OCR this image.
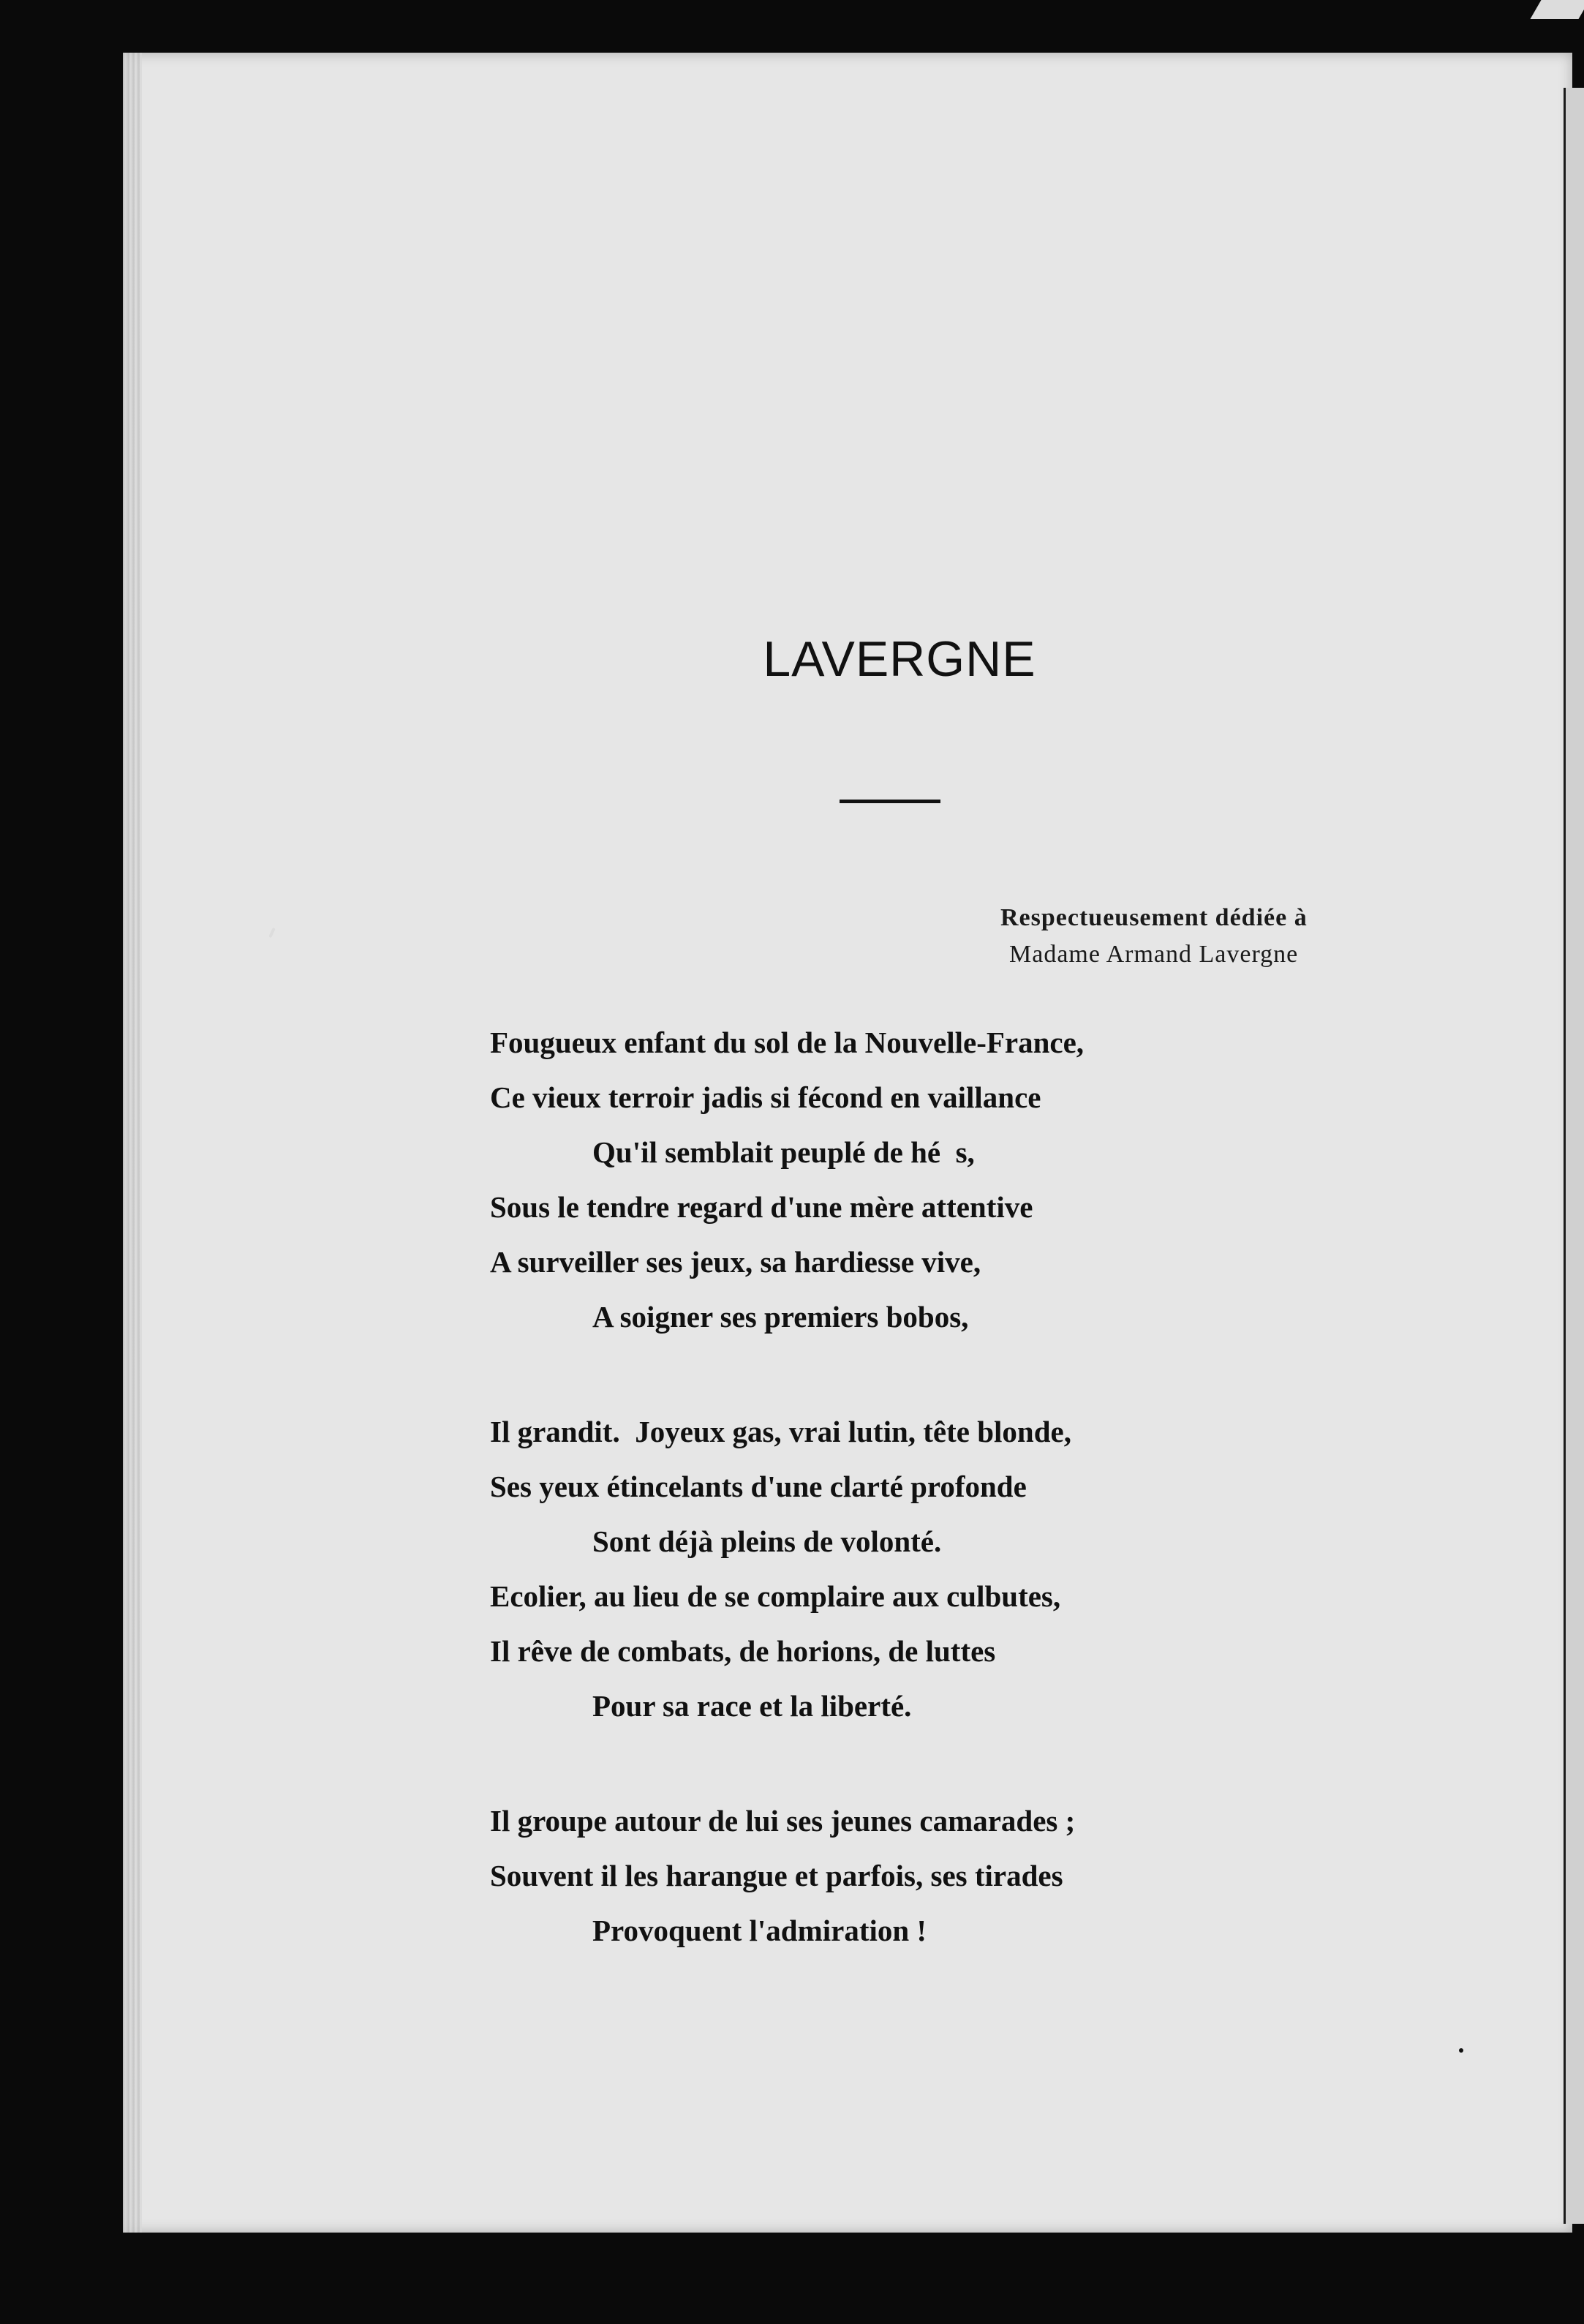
LAVERGNE
Respectueusement dédiée à
Madame Armand Lavergne
Fougueux enfant du sol de la Nouvelle-France,
Ce vieux terroir jadis si fécond en vaillance
Qu'il semblait peuplé de hé  s,
Sous le tendre regard d'une mère attentive
A surveiller ses jeux, sa hardiesse vive,
A soigner ses premiers bobos,
Il grandit.  Joyeux gas, vrai lutin, tête blonde,
Ses yeux étincelants d'une clarté profonde
Sont déjà pleins de volonté.
Ecolier, au lieu de se complaire aux culbutes,
Il rêve de combats, de horions, de luttes
Pour sa race et la liberté.
Il groupe autour de lui ses jeunes camarades ;
Souvent il les harangue et parfois, ses tirades
Provoquent l'admiration !
